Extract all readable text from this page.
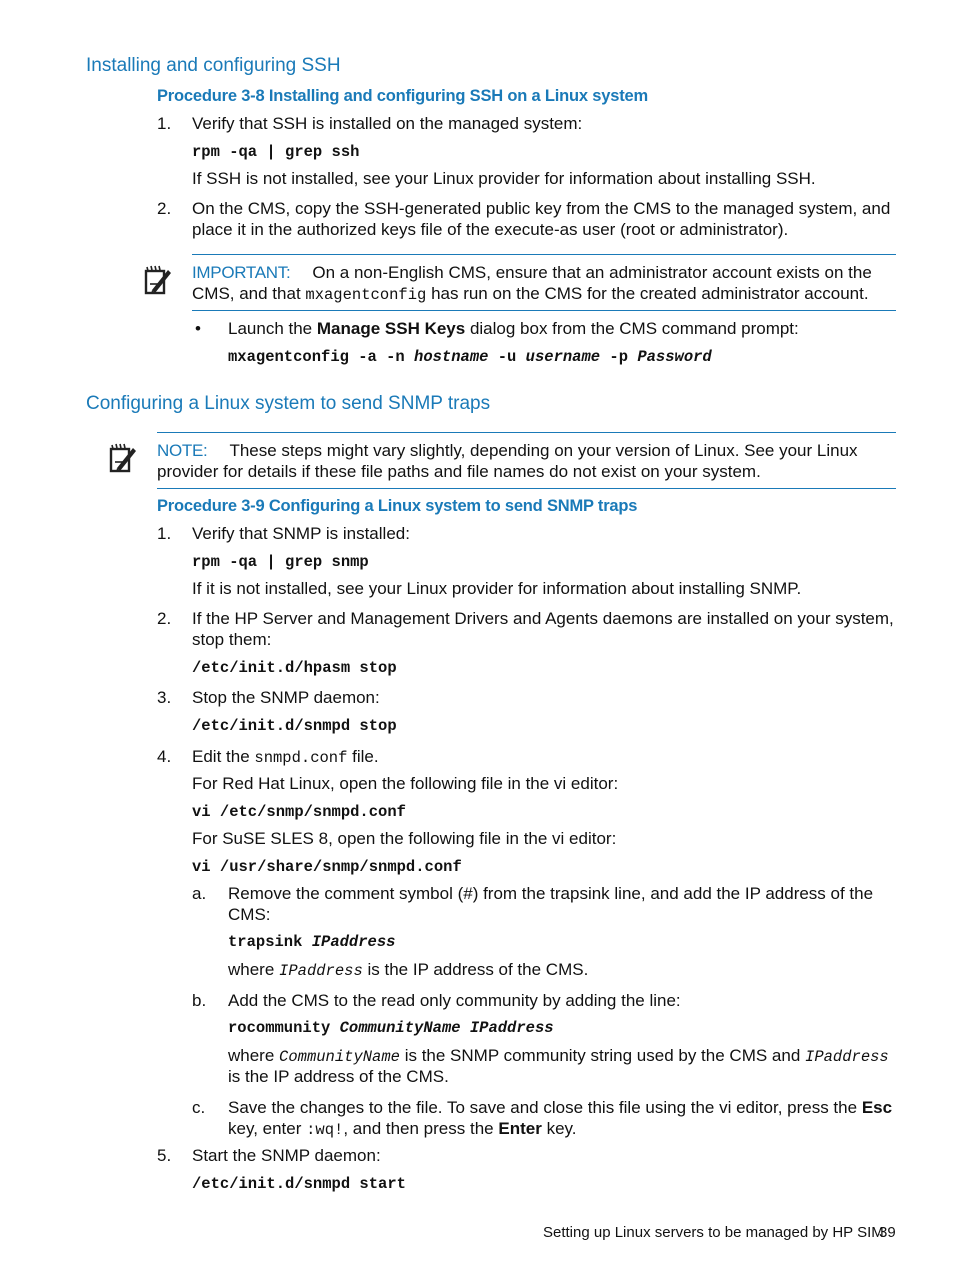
Installing and configuring SSH
Procedure 3-8 Installing and configuring SSH on a Linux system
1. Verify that SSH is installed on the managed system:
rpm -qa | grep ssh
If SSH is not installed, see your Linux provider for information about installing SSH.
2. On the CMS, copy the SSH-generated public key from the CMS to the managed system, and
place it in the authorized keys file of the execute-as user (root or administrator).
IMPORTANT: On a non-English CMS, ensure that an administrator account exists on the
CMS, and that mxagentconfig has run on the CMS for the created administrator account.
• Launch the Manage SSH Keys dialog box from the CMS command prompt:
mxagentconfig -a -n hostname -u username -p Password
Configuring a Linux system to send SNMP traps
NOTE: These steps might vary slightly, depending on your version of Linux. See your Linux
provider for details if these file paths and file names do not exist on your system.
Procedure 3-9 Configuring a Linux system to send SNMP traps
1. Verify that SNMP is installed:
rpm -qa | grep snmp
If it is not installed, see your Linux provider for information about installing SNMP.
2. If the HP Server and Management Drivers and Agents daemons are installed on your system,
stop them:
/etc/init.d/hpasm stop
3. Stop the SNMP daemon:
/etc/init.d/snmpd stop
4. Edit the snmpd.conf file.
For Red Hat Linux, open the following file in the vi editor:
vi /etc/snmp/snmpd.conf
For SuSE SLES 8, open the following file in the vi editor:
vi /usr/share/snmp/snmpd.conf
a. Remove the comment symbol (#) from the trapsink line, and add the IP address of the
CMS:
trapsink IPaddress
where IPaddress is the IP address of the CMS.
b. Add the CMS to the read only community by adding the line:
rocommunity CommunityName IPaddress
where CommunityName is the SNMP community string used by the CMS and IPaddress
is the IP address of the CMS.
c. Save the changes to the file. To save and close this file using the vi editor, press the Esc
key, enter :wq!, and then press the Enter key.
5. Start the SNMP daemon:
/etc/init.d/snmpd start
Setting up Linux servers to be managed by HP SIM
39
